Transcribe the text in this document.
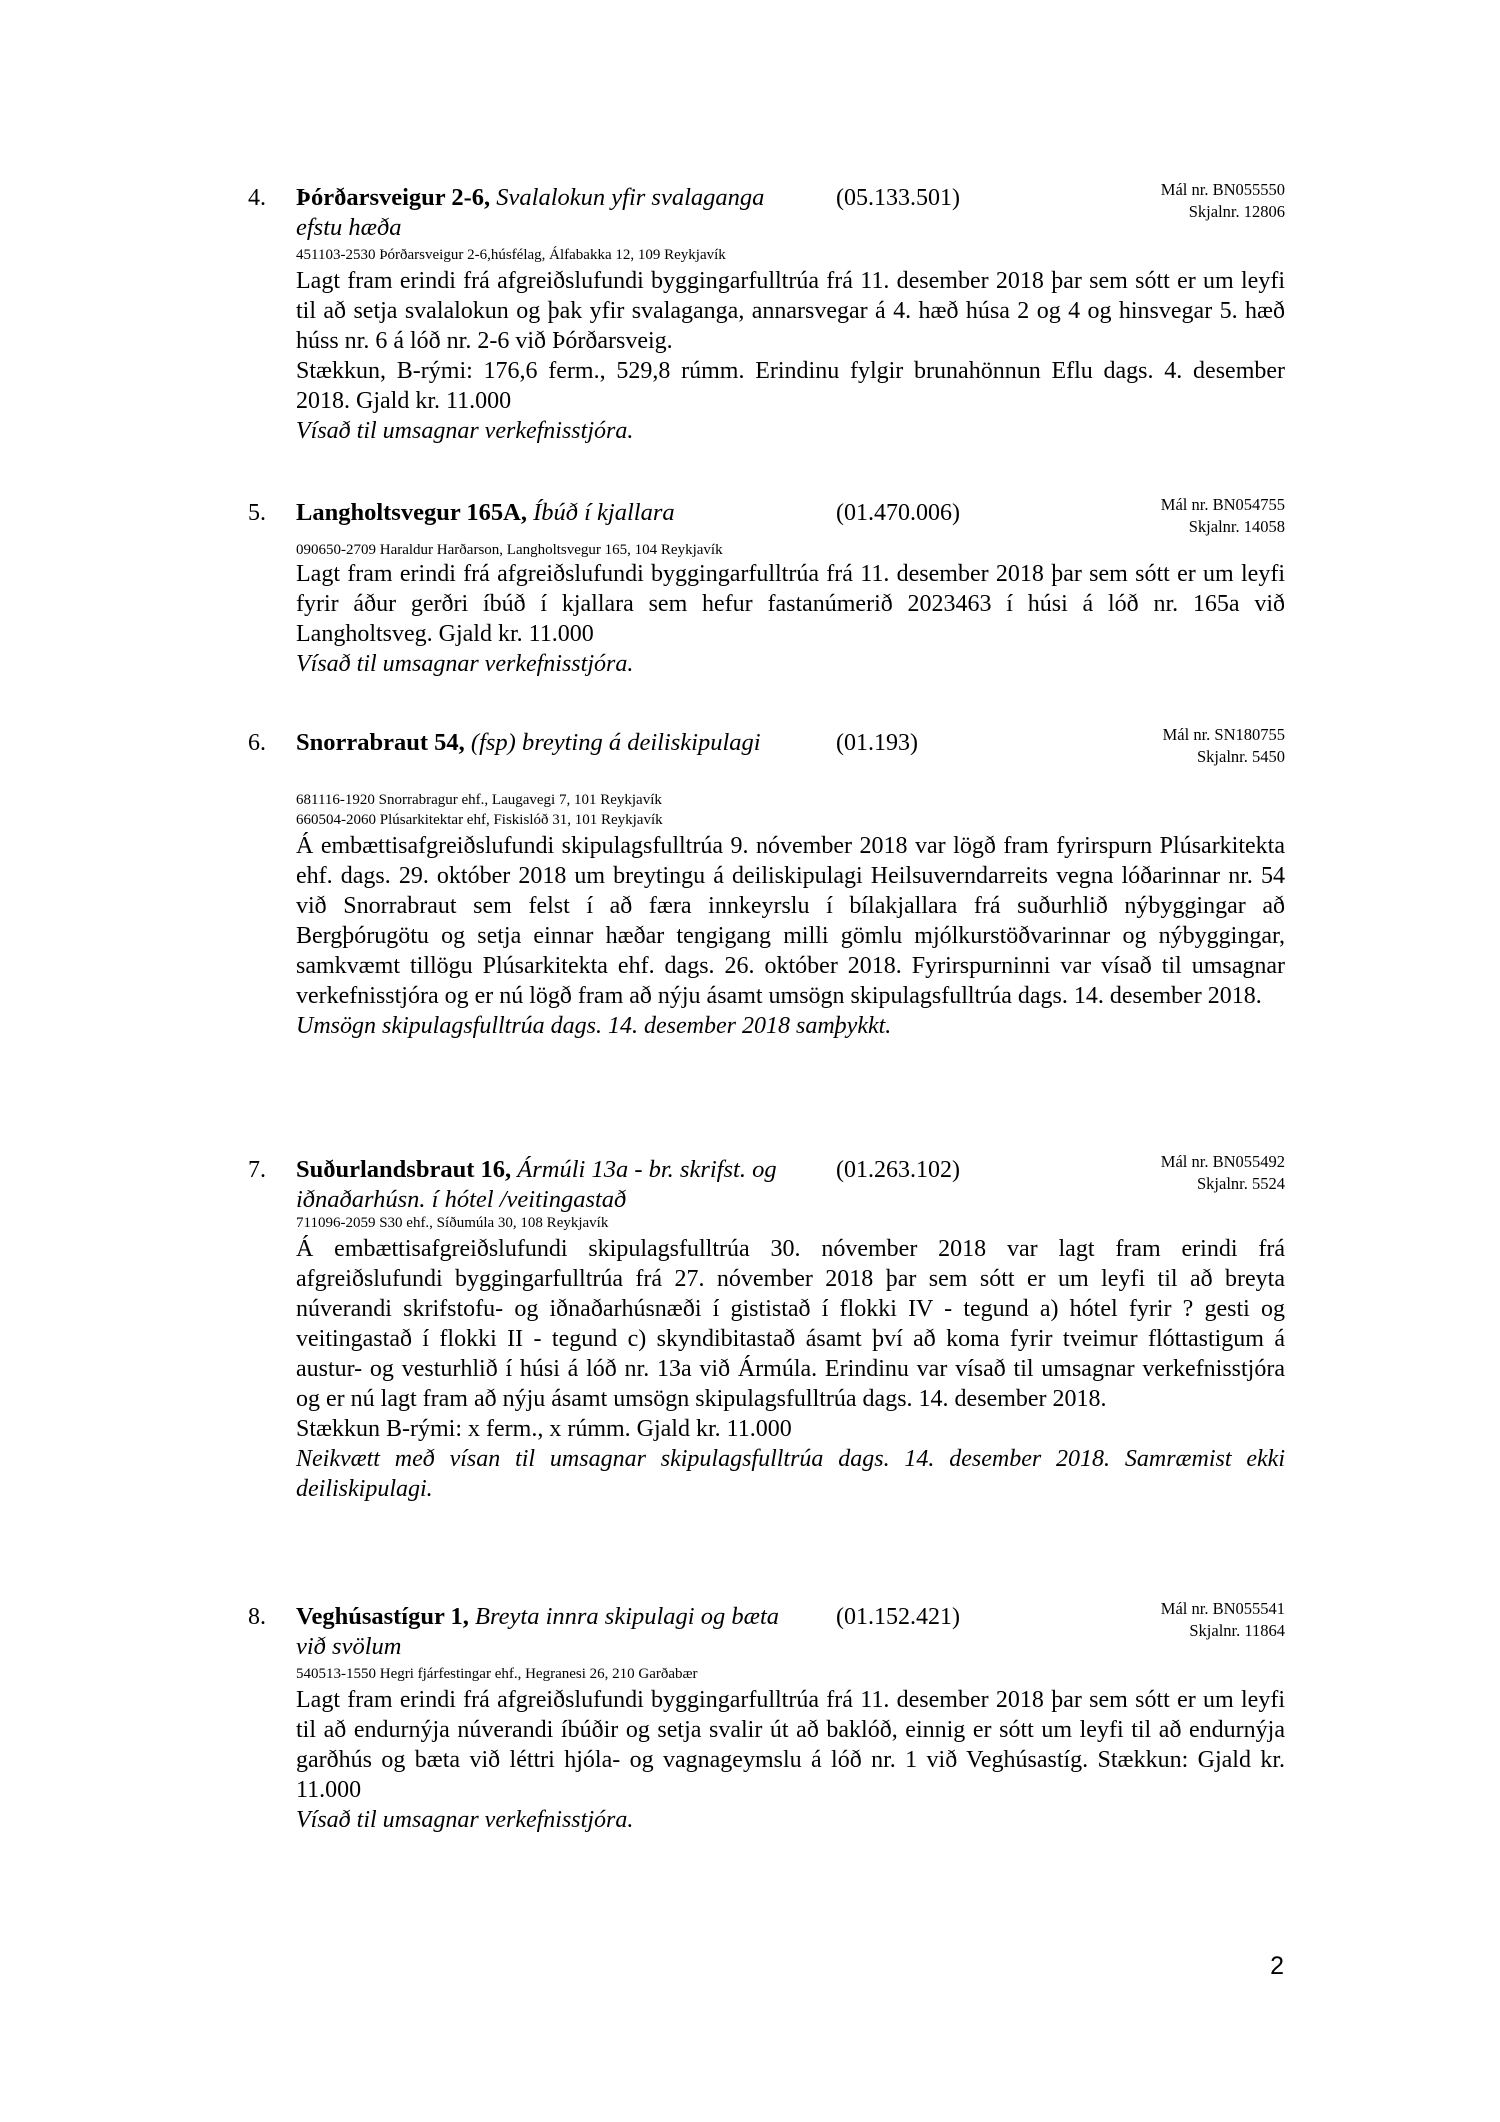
4. Þórðarsveigur 2-6, Svalalokun yfir svalaganga efstu hæða
(05.133.501)	Mál nr. BN055550
Skjalnr. 12806
451103-2530 Þórðarsveigur 2-6,húsfélag, Álfabakka 12, 109 Reykjavík

Lagt fram erindi frá afgreiðslufundi byggingarfulltrúa frá 11. desember 2018 þar sem sótt er um leyfi til að setja svalalokun og þak yfir svalaganga, annarsvegar á 4. hæð húsa 2 og 4 og hinsvegar 5. hæð húss nr. 6 á lóð nr. 2-6 við Þórðarsveig.

Stækkun, B-rými: 176,6 ferm., 529,8 rúmm. Erindinu fylgir brunahönnun Eflu dags. 4. desember 2018. Gjald kr. 11.000

Vísað til umsagnar verkefnisstjóra.

5. Langholtsvegur 165A, Íbúð í kjallara	(01.470.006)	Mál nr. BN054755
Skjalnr. 14058
090650-2709 Haraldur Harðarson, Langholtsvegur 165, 104 Reykjavík

Lagt fram erindi frá afgreiðslufundi byggingarfulltrúa frá 11. desember 2018 þar sem sótt er um leyfi fyrir áður gerðri íbúð í kjallara sem hefur fastanúmerið 2023463 í húsi á lóð nr. 165a við Langholtsveg. Gjald kr. 11.000

Vísað til umsagnar verkefnisstjóra.

6. Snorrabraut 54, (fsp) breyting á deiliskipulagi	(01.193)	Mál nr. SN180755
Skjalnr. 5450
681116-1920 Snorrabragur ehf., Laugavegi 7, 101 Reykjavík
660504-2060 Plúsarkitektar ehf, Fiskislóð 31, 101 Reykjavík

Á embættisafgreiðslufundi skipulagsfulltrúa 9. nóvember 2018 var lögð fram fyrirspurn Plúsarkitekta ehf. dags. 29. október 2018 um breytingu á deiliskipulagi Heilsuverndarreits vegna lóðarinnar nr. 54 við Snorrabraut sem felst í að færa innkeyrslu í bílakjallara frá suðurhlið nýbyggingar að Bergþórugötu og setja einnar hæðar tengigang milli gömlu mjólkurstöðvarinnar og nýbyggingar, samkvæmt tillögu Plúsarkitekta ehf. dags. 26. október 2018. Fyrirspurninni var vísað til umsagnar verkefnisstjóra og er nú lögð fram að nýju ásamt umsögn skipulagsfulltrúa dags. 14. desember 2018.

Umsögn skipulagsfulltrúa dags. 14. desember 2018 samþykkt.

7. Suðurlandsbraut 16, Ármúli 13a - br. skrifst. og iðnaðarhúsn. í hótel /veitingastað
(01.263.102)	Mál nr. BN055492
Skjalnr. 5524
711096-2059 S30 ehf., Síðumúla 30, 108 Reykjavík

Á embættisafgreiðslufundi skipulagsfulltrúa 30. nóvember 2018 var lagt fram erindi frá afgreiðslufundi byggingarfulltrúa frá 27. nóvember 2018 þar sem sótt er um leyfi til að breyta núverandi skrifstofu- og iðnaðarhúsnæði í gististað í flokki IV - tegund a) hótel fyrir ? gesti og veitingastað í flokki II - tegund c) skyndibitastað ásamt því að koma fyrir tveimur flóttastigum á austur- og vesturhlið í húsi á lóð nr. 13a við Ármúla. Erindinu var vísað til umsagnar verkefnisstjóra og er nú lagt fram að nýju ásamt umsögn skipulagsfulltrúa dags. 14. desember 2018.

Stækkun B-rými: x ferm., x rúmm. Gjald kr. 11.000

Neikvætt með vísan til umsagnar skipulagsfulltrúa dags. 14. desember 2018. Samræmist ekki deiliskipulagi.

8. Veghúsastígur 1, Breyta innra skipulagi og bæta við svölum
(01.152.421)	Mál nr. BN055541
Skjalnr. 11864
540513-1550 Hegri fjárfestingar ehf., Hegranesi 26, 210 Garðabær

Lagt fram erindi frá afgreiðslufundi byggingarfulltrúa frá 11. desember 2018 þar sem sótt er um leyfi til að endurnýja núverandi íbúðir og setja svalir út að baklóð, einnig er sótt um leyfi til að endurnýja garðhús og bæta við léttri hjóla- og vagnageymslu á lóð nr. 1 við Veghúsastíg. Stækkun: Gjald kr. 11.000

Vísað til umsagnar verkefnisstjóra.

2
